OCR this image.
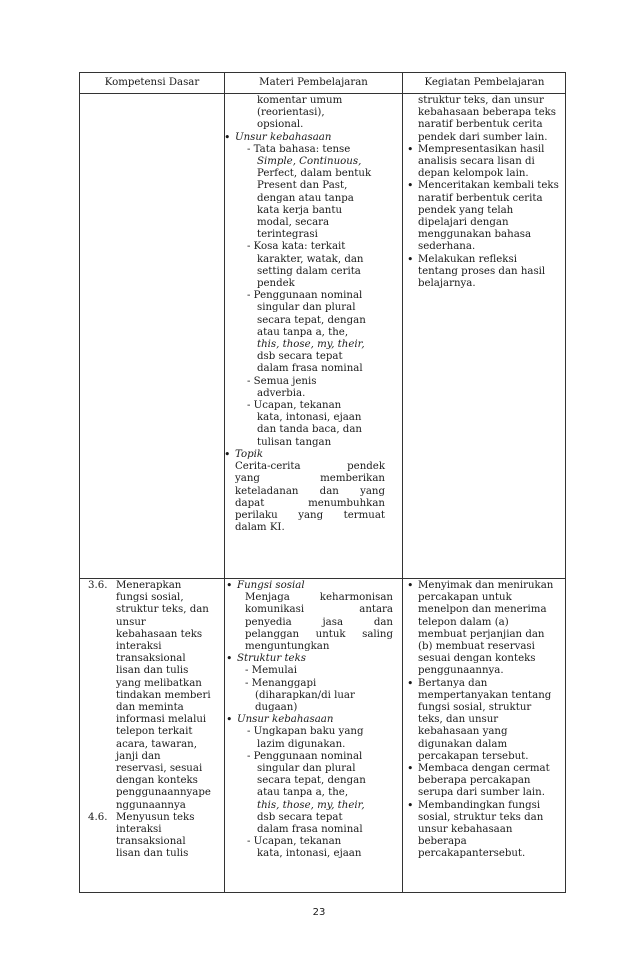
Kompetensi Dasar	Materi Pembelajaran	Kegiatan Pembelajaran
komentar umum
(reorientasi),
opsional.
• Unsur kebahasaan
- Tata bahasa: tense
Simple, Continuous,
Perfect, dalam bentuk
Present dan Past,
dengan atau tanpa
kata kerja bantu
modal, secara
terintegrasi
- Kosa kata: terkait
karakter, watak, dan
setting dalam cerita
pendek
- Penggunaan nominal
singular dan plural
secara tepat, dengan
atau tanpa a, the,
this, those, my, their,
dsb secara tepat
dalam frasa nominal
- Semua jenis
adverbia.
- Ucapan, tekanan
kata, intonasi, ejaan
dan tanda baca, dan
tulisan tangan
• Topik
Cerita-cerita pendek
yang memberikan
keteladanan dan yang
dapat menumbuhkan
perilaku yang termuat
dalam KI.
struktur teks, dan unsur
kebahasaan beberapa teks
naratif berbentuk cerita
pendek dari sumber lain.
• Mempresentasikan hasil
analisis secara lisan di
depan kelompok lain.
• Menceritakan kembali teks
naratif berbentuk cerita
pendek yang telah
dipelajari dengan
menggunakan bahasa
sederhana.
• Melakukan refleksi
tentang proses dan hasil
belajarnya.
3.6. Menerapkan
fungsi sosial,
struktur teks, dan
unsur
kebahasaan teks
interaksi
transaksional
lisan dan tulis
yang melibatkan
tindakan memberi
dan meminta
informasi melalui
telepon terkait
acara, tawaran,
janji dan
reservasi, sesuai
dengan konteks
penggunaannyape
nggunaannya
4.6. Menyusun teks
interaksi
transaksional
lisan dan tulis
• Fungsi sosial
Menjaga keharmonisan
komunikasi antara
penyedia jasa dan
pelanggan untuk saling
menguntungkan
• Struktur teks
- Memulai
- Menanggapi
(diharapkan/di luar
dugaan)
• Unsur kebahasaan
- Ungkapan baku yang
lazim digunakan.
- Penggunaan nominal
singular dan plural
secara tepat, dengan
atau tanpa a, the,
this, those, my, their,
dsb secara tepat
dalam frasa nominal
- Ucapan, tekanan
kata, intonasi, ejaan
• Menyimak dan menirukan
percakapan untuk
menelpon dan menerima
telepon dalam (a)
membuat perjanjian dan
(b) membuat reservasi
sesuai dengan konteks
penggunaannya.
• Bertanya dan
mempertanyakan tentang
fungsi sosial, struktur
teks, dan unsur
kebahasaan yang
digunakan dalam
percakapan tersebut.
• Membaca dengan cermat
beberapa percakapan
serupa dari sumber lain.
• Membandingkan fungsi
sosial, struktur teks dan
unsur kebahasaan
beberapa
percakapantersebut.
23
